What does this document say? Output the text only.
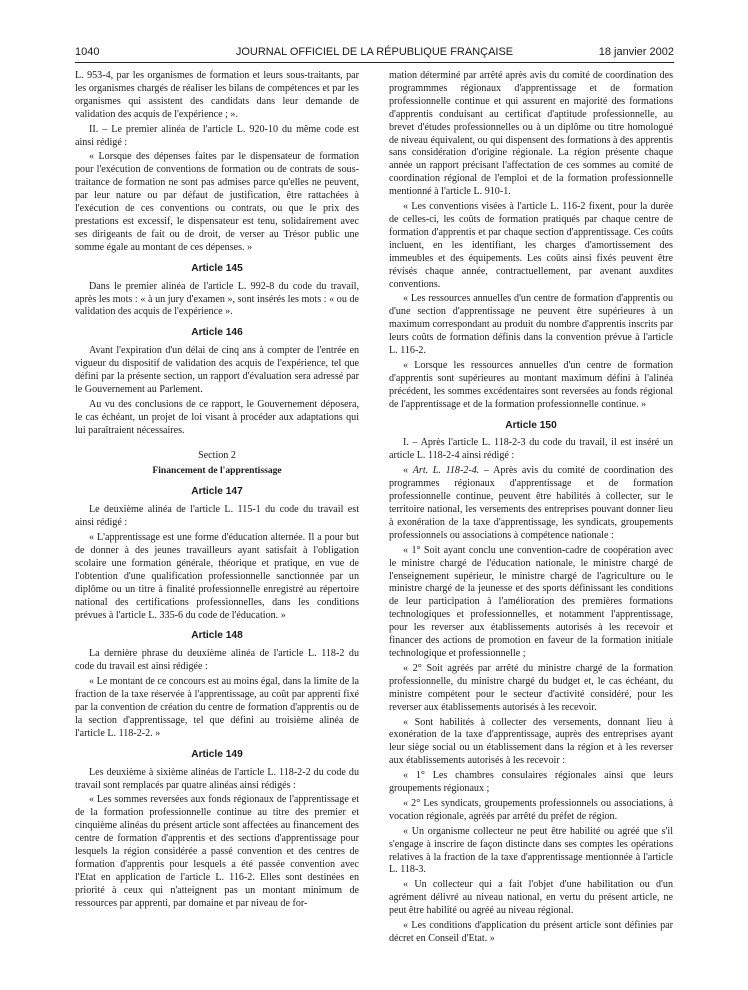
1040	JOURNAL OFFICIEL DE LA RÉPUBLIQUE FRANÇAISE	18 janvier 2002

L. 953-4, par les organismes de formation et leurs sous-traitants, par les organismes chargés de réaliser les bilans de compétences et par les organismes qui assistent des candidats dans leur demande de validation des acquis de l'expérience ; ».

II. – Le premier alinéa de l'article L. 920-10 du même code est ainsi rédigé :

« Lorsque des dépenses faites par le dispensateur de formation pour l'exécution de conventions de formation ou de contrats de sous-traitance de formation ne sont pas admises parce qu'elles ne peuvent, par leur nature ou par défaut de justification, être rattachées à l'exécution de ces conventions ou contrats, ou que le prix des prestations est excessif, le dispensateur est tenu, solidairement avec ses dirigeants de fait ou de droit, de verser au Trésor public une somme égale au montant de ces dépenses. »

Article 145

Dans le premier alinéa de l'article L. 992-8 du code du travail, après les mots : « à un jury d'examen », sont insérés les mots : « ou de validation des acquis de l'expérience ».

Article 146

Avant l'expiration d'un délai de cinq ans à compter de l'entrée en vigueur du dispositif de validation des acquis de l'expérience, tel que défini par la présente section, un rapport d'évaluation sera adressé par le Gouvernement au Parlement.

Au vu des conclusions de ce rapport, le Gouvernement déposera, le cas échéant, un projet de loi visant à procéder aux adaptations qui lui paraîtraient nécessaires.

Section 2
Financement de l'apprentissage
Article 147

Le deuxième alinéa de l'article L. 115-1 du code du travail est ainsi rédigé :

« L'apprentissage est une forme d'éducation alternée. Il a pour but de donner à des jeunes travailleurs ayant satisfait à l'obligation scolaire une formation générale, théorique et pratique, en vue de l'obtention d'une qualification professionnelle sanctionnée par un diplôme ou un titre à finalité professionnelle enregistré au répertoire national des certifications professionnelles, dans les conditions prévues à l'article L. 335-6 du code de l'éducation. »

Article 148

La dernière phrase du deuxième alinéa de l'article L. 118-2 du code du travail est ainsi rédigée :

« Le montant de ce concours est au moins égal, dans la limite de la fraction de la taxe réservée à l'apprentissage, au coût par apprenti fixé par la convention de création du centre de formation d'apprentis ou de la section d'apprentissage, tel que défini au troisième alinéa de l'article L. 118-2-2. »

Article 149

Les deuxième à sixième alinéas de l'article L. 118-2-2 du code du travail sont remplacés par quatre alinéas ainsi rédigés :

« Les sommes reversées aux fonds régionaux de l'apprentissage et de la formation professionnelle continue au titre des premier et cinquième alinéas du présent article sont affectées au financement des centre de formation d'apprentis et des sections d'apprentissage pour lesquels la région considérée a passé convention et des centres de formation d'apprentis pour lesquels a été passée convention avec l'Etat en application de l'article L. 116-2. Elles sont destinées en priorité à ceux qui n'atteignent pas un montant minimum de ressources par apprenti, par domaine et par niveau de for-

mation déterminé par arrêté après avis du comité de coordination des programmmes régionaux d'apprentissage et de formation professionnelle continue et qui assurent en majorité des formations d'apprentis conduisant au certificat d'aptitude professionnelle, au brevet d'études professionnelles ou à un diplôme ou titre homologué de niveau équivalent, ou qui dispensent des formations à des apprentis sans considération d'origine régionale. La région présente chaque année un rapport précisant l'affectation de ces sommes au comité de coordination régional de l'emploi et de la formation professionnelle mentionné à l'article L. 910-1.

« Les conventions visées à l'article L. 116-2 fixent, pour la durée de celles-ci, les coûts de formation pratiqués par chaque centre de formation d'apprentis et par chaque section d'apprentissage. Ces coûts incluent, en les identifiant, les charges d'amortissement des immeubles et des équipements. Les coûts ainsi fixés peuvent être révisés chaque année, contractuellement, par avenant auxdites conventions.

« Les ressources annuelles d'un centre de formation d'apprentis ou d'une section d'apprentissage ne peuvent être supérieures à un maximum correspondant au produit du nombre d'apprentis inscrits par leurs coûts de formation définis dans la convention prévue à l'article L. 116-2.

« Lorsque les ressources annuelles d'un centre de formation d'apprentis sont supérieures au montant maximum défini à l'alinéa précédent, les sommes excédentaires sont reversées au fonds régional de l'apprentissage et de la formation professionnelle continue. »

Article 150

I. – Après l'article L. 118-2-3 du code du travail, il est inséré un article L. 118-2-4 ainsi rédigé :

« Art. L. 118-2-4. – Après avis du comité de coordination des programmes régionaux d'apprentissage et de formation professionnelle continue, peuvent être habilités à collecter, sur le territoire national, les versements des entreprises pouvant donner lieu à exonération de la taxe d'apprentissage, les syndicats, groupements professionnels ou associations à compétence nationale :

« 1° Soit ayant conclu une convention-cadre de coopération avec le ministre chargé de l'éducation nationale, le ministre chargé de l'enseignement supérieur, le ministre chargé de l'agriculture ou le ministre chargé de la jeunesse et des sports définissant les conditions de leur participation à l'amélioration des premières formations technologiques et professionnelles, et notamment l'apprentissage, pour les reverser aux établissements autorisés à les recevoir et financer des actions de promotion en faveur de la formation initiale technologique et professionnelle ;

« 2° Soit agréés par arrêté du ministre chargé de la formation professionnelle, du ministre chargé du budget et, le cas échéant, du ministre compétent pour le secteur d'activité considéré, pour les reverser aux établissements autorisés à les recevoir.

« Sont habilités à collecter des versements, donnant lieu à exonération de la taxe d'apprentissage, auprès des entreprises ayant leur siège social ou un établissement dans la région et à les reverser aux établissements autorisés à les recevoir :

« 1° Les chambres consulaires régionales ainsi que leurs groupements régionaux ;

« 2° Les syndicats, groupements professionnels ou associations, à vocation régionale, agréés par arrêté du préfet de région.

« Un organisme collecteur ne peut être habilité ou agréé que s'il s'engage à inscrire de façon distincte dans ses comptes les opérations relatives à la fraction de la taxe d'apprentissage mentionnée à l'article L. 118-3.

« Un collecteur qui a fait l'objet d'une habilitation ou d'un agrément délivré au niveau national, en vertu du présent article, ne peut être habilité ou agréé au niveau régional.

« Les conditions d'application du présent article sont définies par décret en Conseil d'Etat. »
